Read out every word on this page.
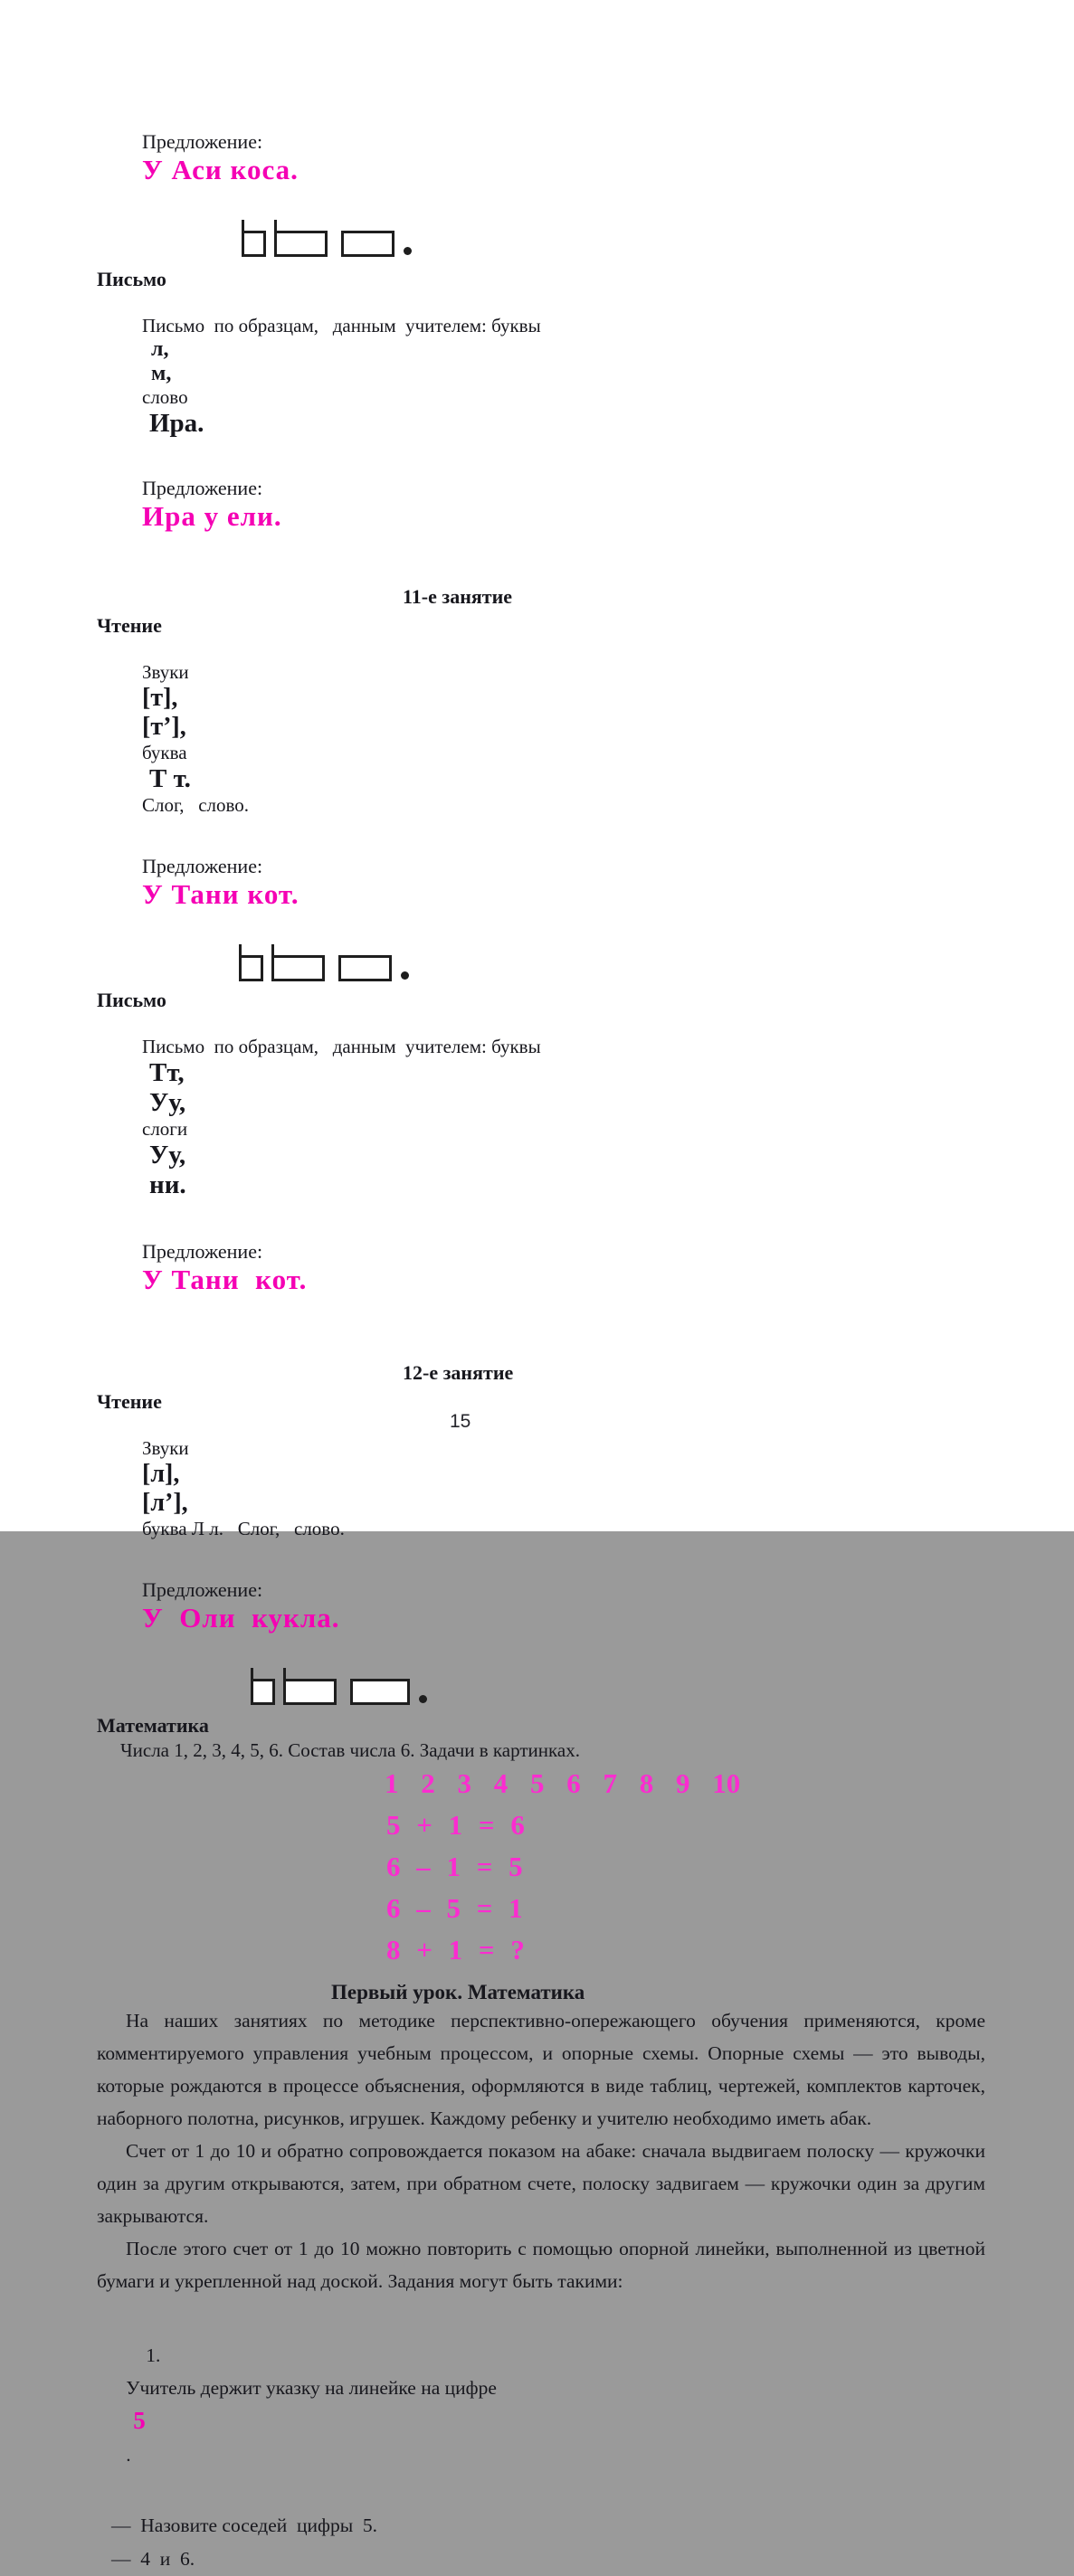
Предложение:
У Аси коса.

Письмо

Письмо  по образцам,   данным  учителем: буквы
л,
м,
слово
Ира.

Предложение:
Ира у ели.

11-е занятие
Чтение

Звуки
[т],
[т’],
буква
Т т.
Слог,   слово.

Предложение:
У Тани кот.

Письмо

Письмо  по образцам,   данным  учителем: буквы
Тт,
Уу,
слоги
Уу,
ни.

Предложение:
У Тани  кот.

12-е занятие
Чтение

Звуки
[л],
[л’],
буква Л л.   Слог,   слово.

Предложение:
У  Оли  кукла.

Математика
Числа 1, 2, 3, 4, 5, 6. Состав числа 6. Задачи в картинках.
1 2 3 4 5 6 7 8 9 10
5 + 1 = 6
6 – 1 = 5
6 – 5 = 1
8 + 1 = ?
Первый урок. Математика

На наших занятиях по методике перспективно-опережающего обучения применяются, кроме комментируемого управления учебным процессом, и опорные схемы. Опорные схемы — это выводы, которые рождаются в процессе объяснения, оформляются в виде таблиц, чертежей, комплектов карточек, наборного полотна, рисунков, игрушек. Каждому ребенку и учителю необходимо иметь абак.

Счет от 1 до 10 и обратно сопровождается показом на абаке: сначала выдвигаем полоску — кружочки один за другим открываются, затем, при обратном счете, полоску задвигаем — кружочки один за другим закрываются.

После этого счет от 1 до 10 можно повторить с помощью опорной линейки, выполненной из цветной бумаги и укрепленной над доской. Задания могут быть такими:

1.
Учитель держит указку на линейке на цифре
5
.

—  Назовите соседей  цифры  5.
—  4  и  6.
15
